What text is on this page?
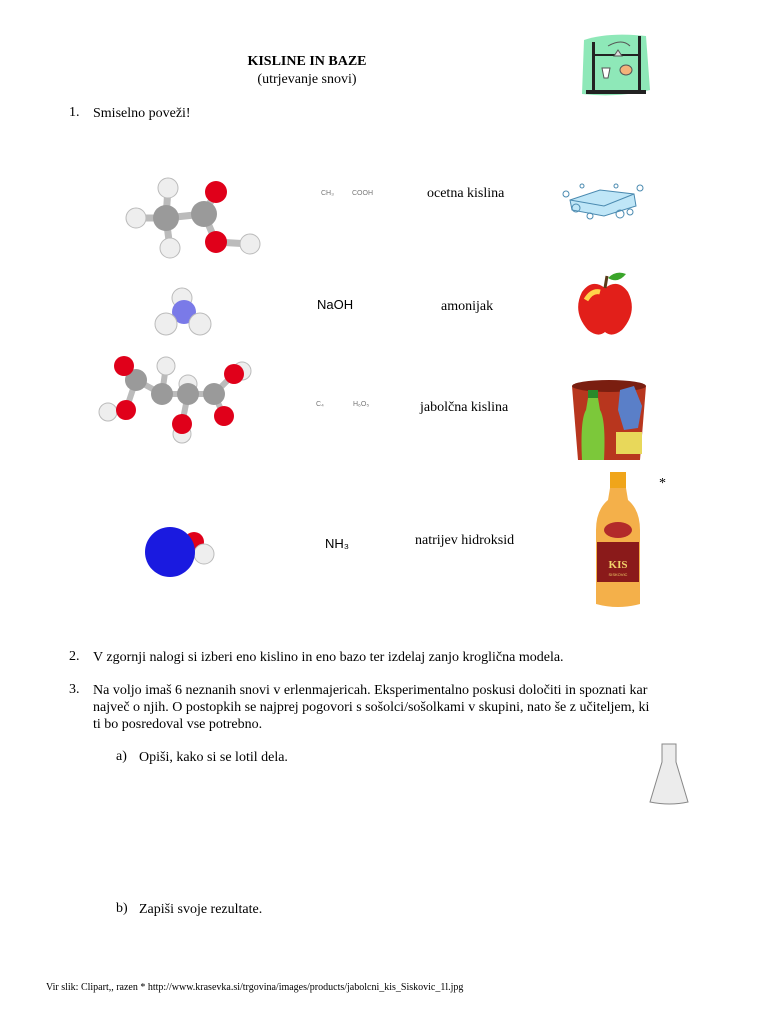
KISLINE IN BAZE
(utrjevanje snovi)
1. Smiselno poveži!
CH₃	COOH
C₄	H₆O₅
NaOH
NH₃
ocetna kislina
amonijak
jabolčna kislina
natrijev hidroksid
KIS
SISKOVIC
*
2. V zgornji nalogi si izberi eno kislino in eno bazo ter izdelaj zanjo kroglična modela.
3. Na voljo imaš 6 neznanih snovi v erlenmajericah. Eksperimentalno poskusi določiti in spoznati kar
največ o njih. O postopkih se najprej pogovori s sošolci/sošolkami v skupini, nato še z učiteljem, ki
ti bo posredoval vse potrebno.
a) Opiši, kako si se lotil dela.
b) Zapiši svoje rezultate.
Vir slik: Clipart,, razen * http://www.krasevka.si/trgovina/images/products/jabolcni_kis_Siskovic_1l.jpg
